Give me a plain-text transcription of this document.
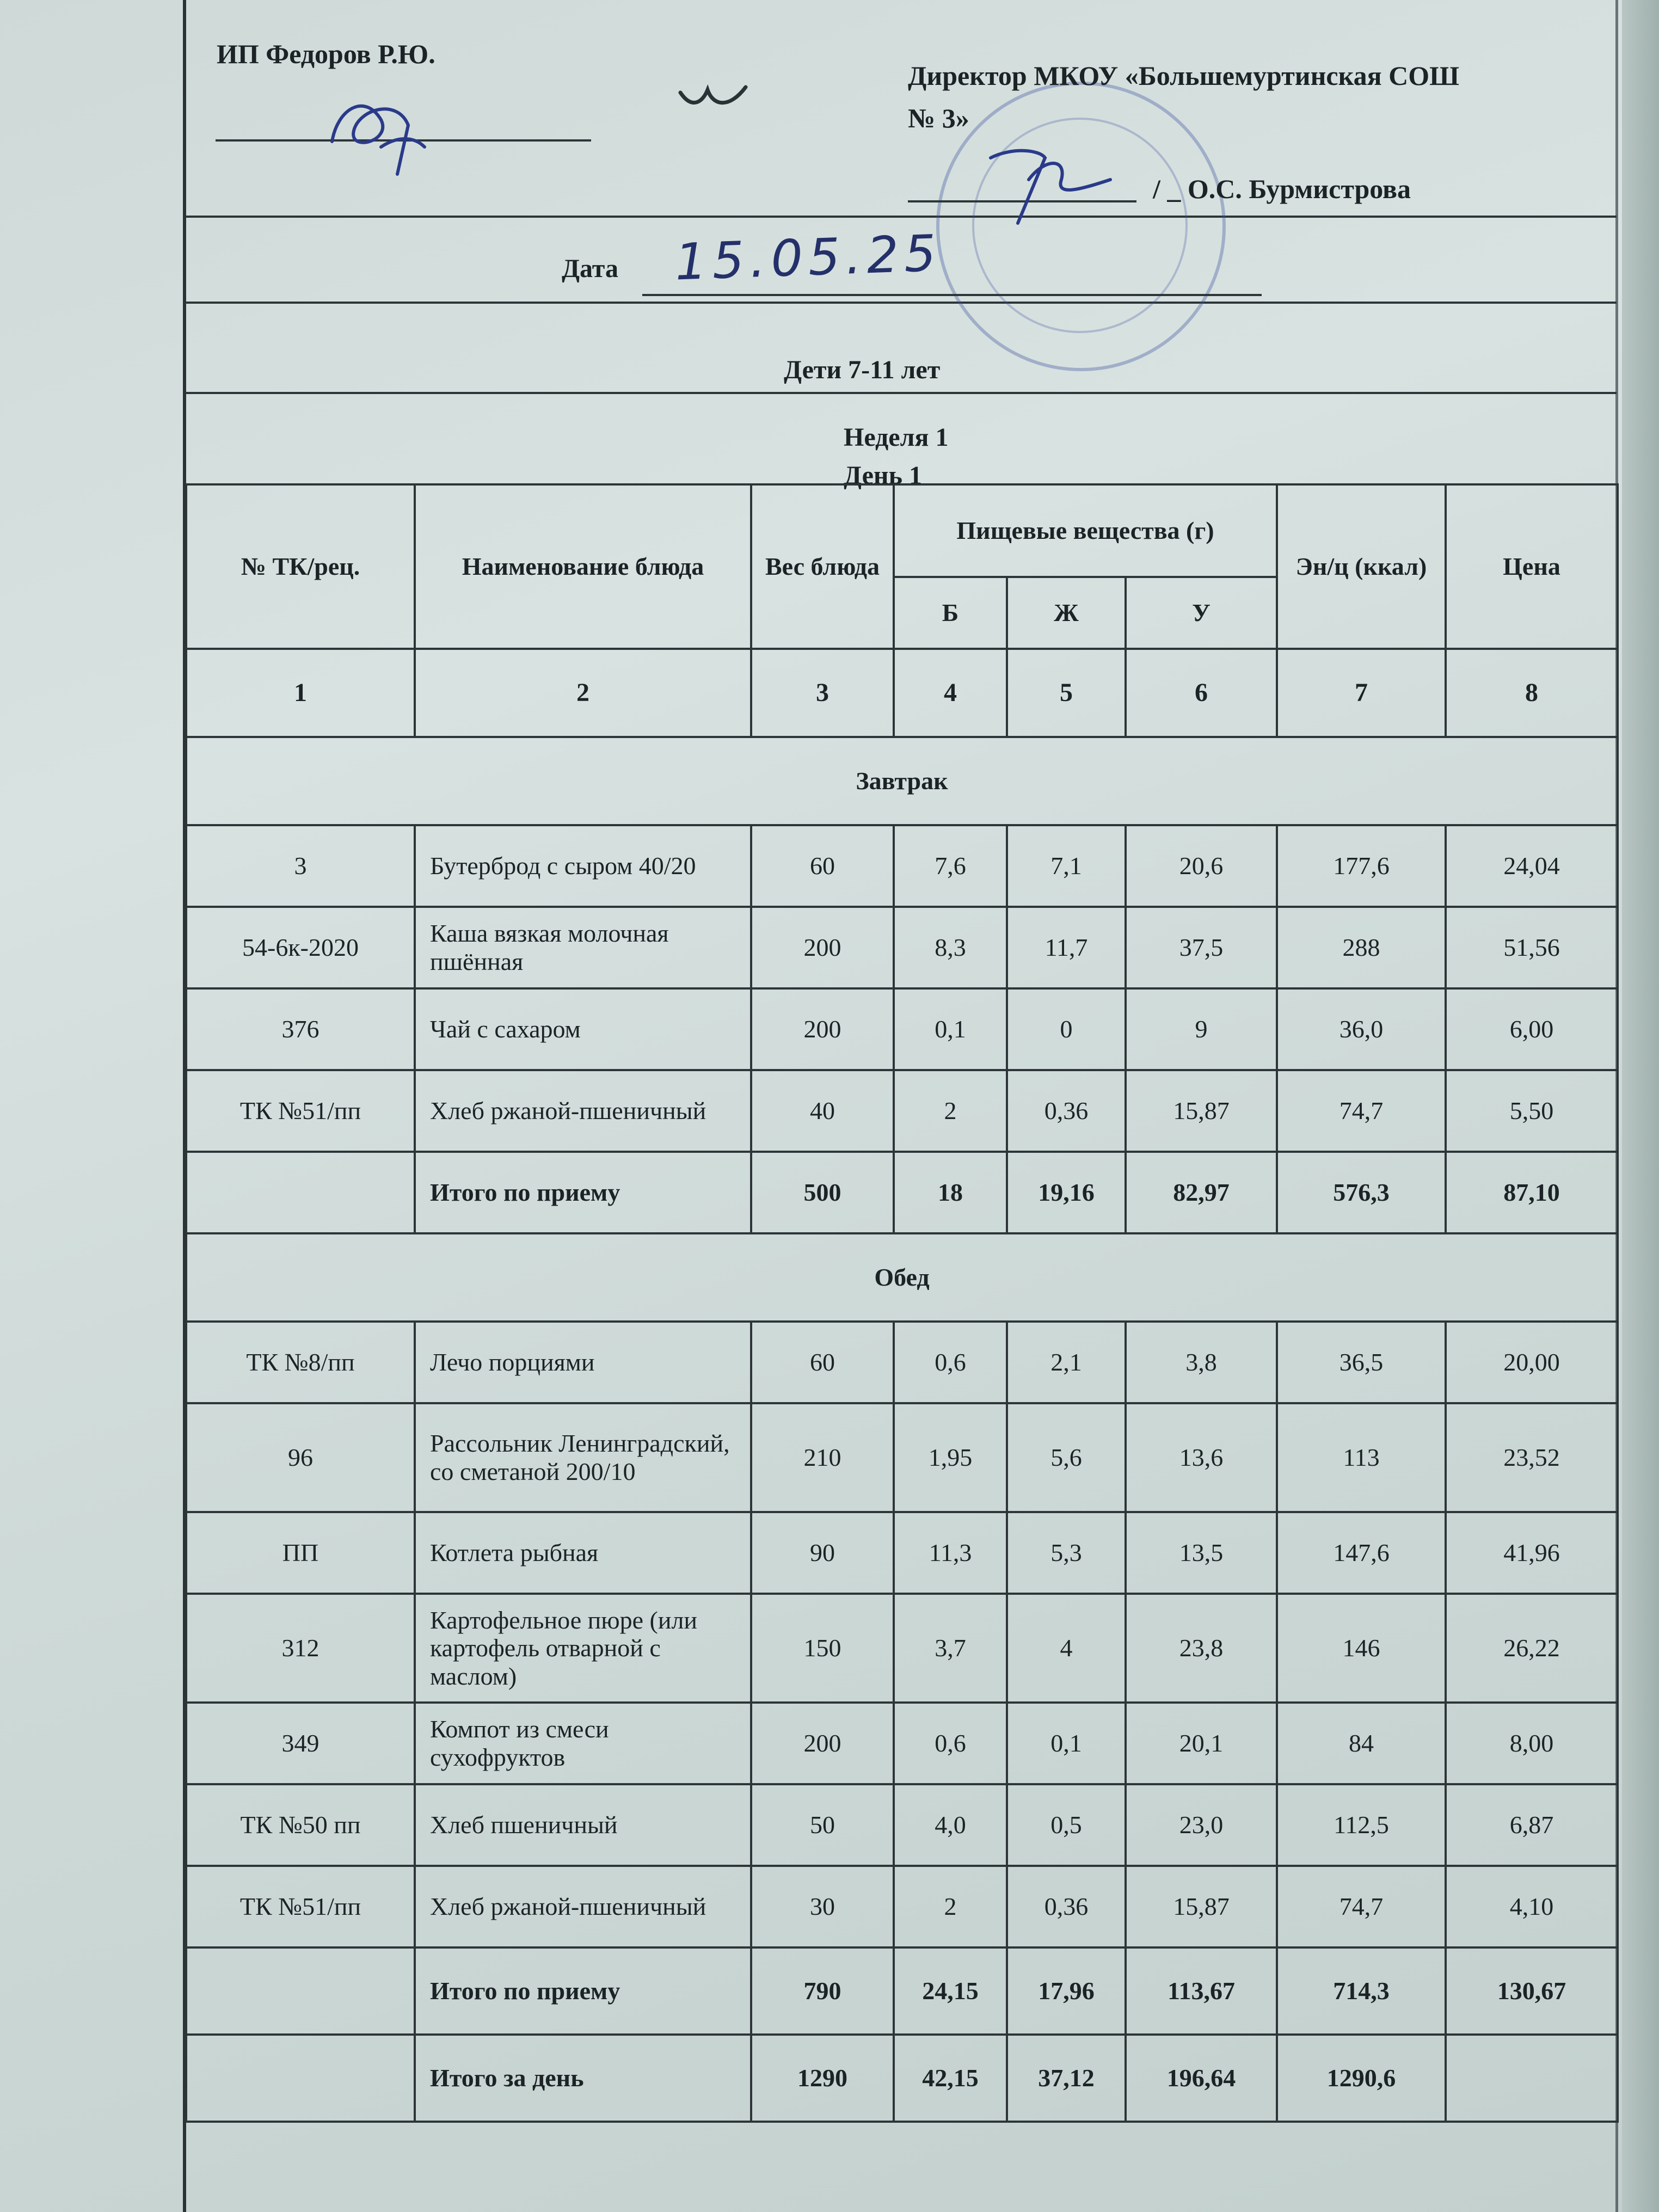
ИП Федоров Р.Ю.
Директор МКОУ «Большемуртинская СОШ
№ 3»
/ _ О.С. Бурмистрова
Дата 15.05.25
Дети 7-11 лет
Неделя 1
День 1
№ ТК/рец.	Наименование блюда	Вес блюда	Пищевые вещества (г)			Эн/ц (ккал)	Цена
			Б	Ж	У		
1	2	3	4	5	6	7	8
Завтрак							
3	Бутерброд с сыром 40/20	60	7,6	7,1	20,6	177,6	24,04
54-6к-2020	Каша вязкая молочная пшённая	200	8,3	11,7	37,5	288	51,56
376	Чай с сахаром	200	0,1	0	9	36,0	6,00
ТК №51/пп	Хлеб ржаной-пшеничный	40	2	0,36	15,87	74,7	5,50
	Итого по приему	500	18	19,16	82,97	576,3	87,10
Обед							
ТК №8/пп	Лечо порциями	60	0,6	2,1	3,8	36,5	20,00
96	Рассольник Ленинградский, со сметаной 200/10	210	1,95	5,6	13,6	113	23,52
ПП	Котлета рыбная	90	11,3	5,3	13,5	147,6	41,96
312	Картофельное пюре (или картофель отварной с маслом)	150	3,7	4	23,8	146	26,22
349	Компот из смеси сухофруктов	200	0,6	0,1	20,1	84	8,00
ТК №50 пп	Хлеб пшеничный	50	4,0	0,5	23,0	112,5	6,87
ТК №51/пп	Хлеб ржаной-пшеничный	30	2	0,36	15,87	74,7	4,10
	Итого по приему	790	24,15	17,96	113,67	714,3	130,67
	Итого за день	1290	42,15	37,12	196,64	1290,6	
